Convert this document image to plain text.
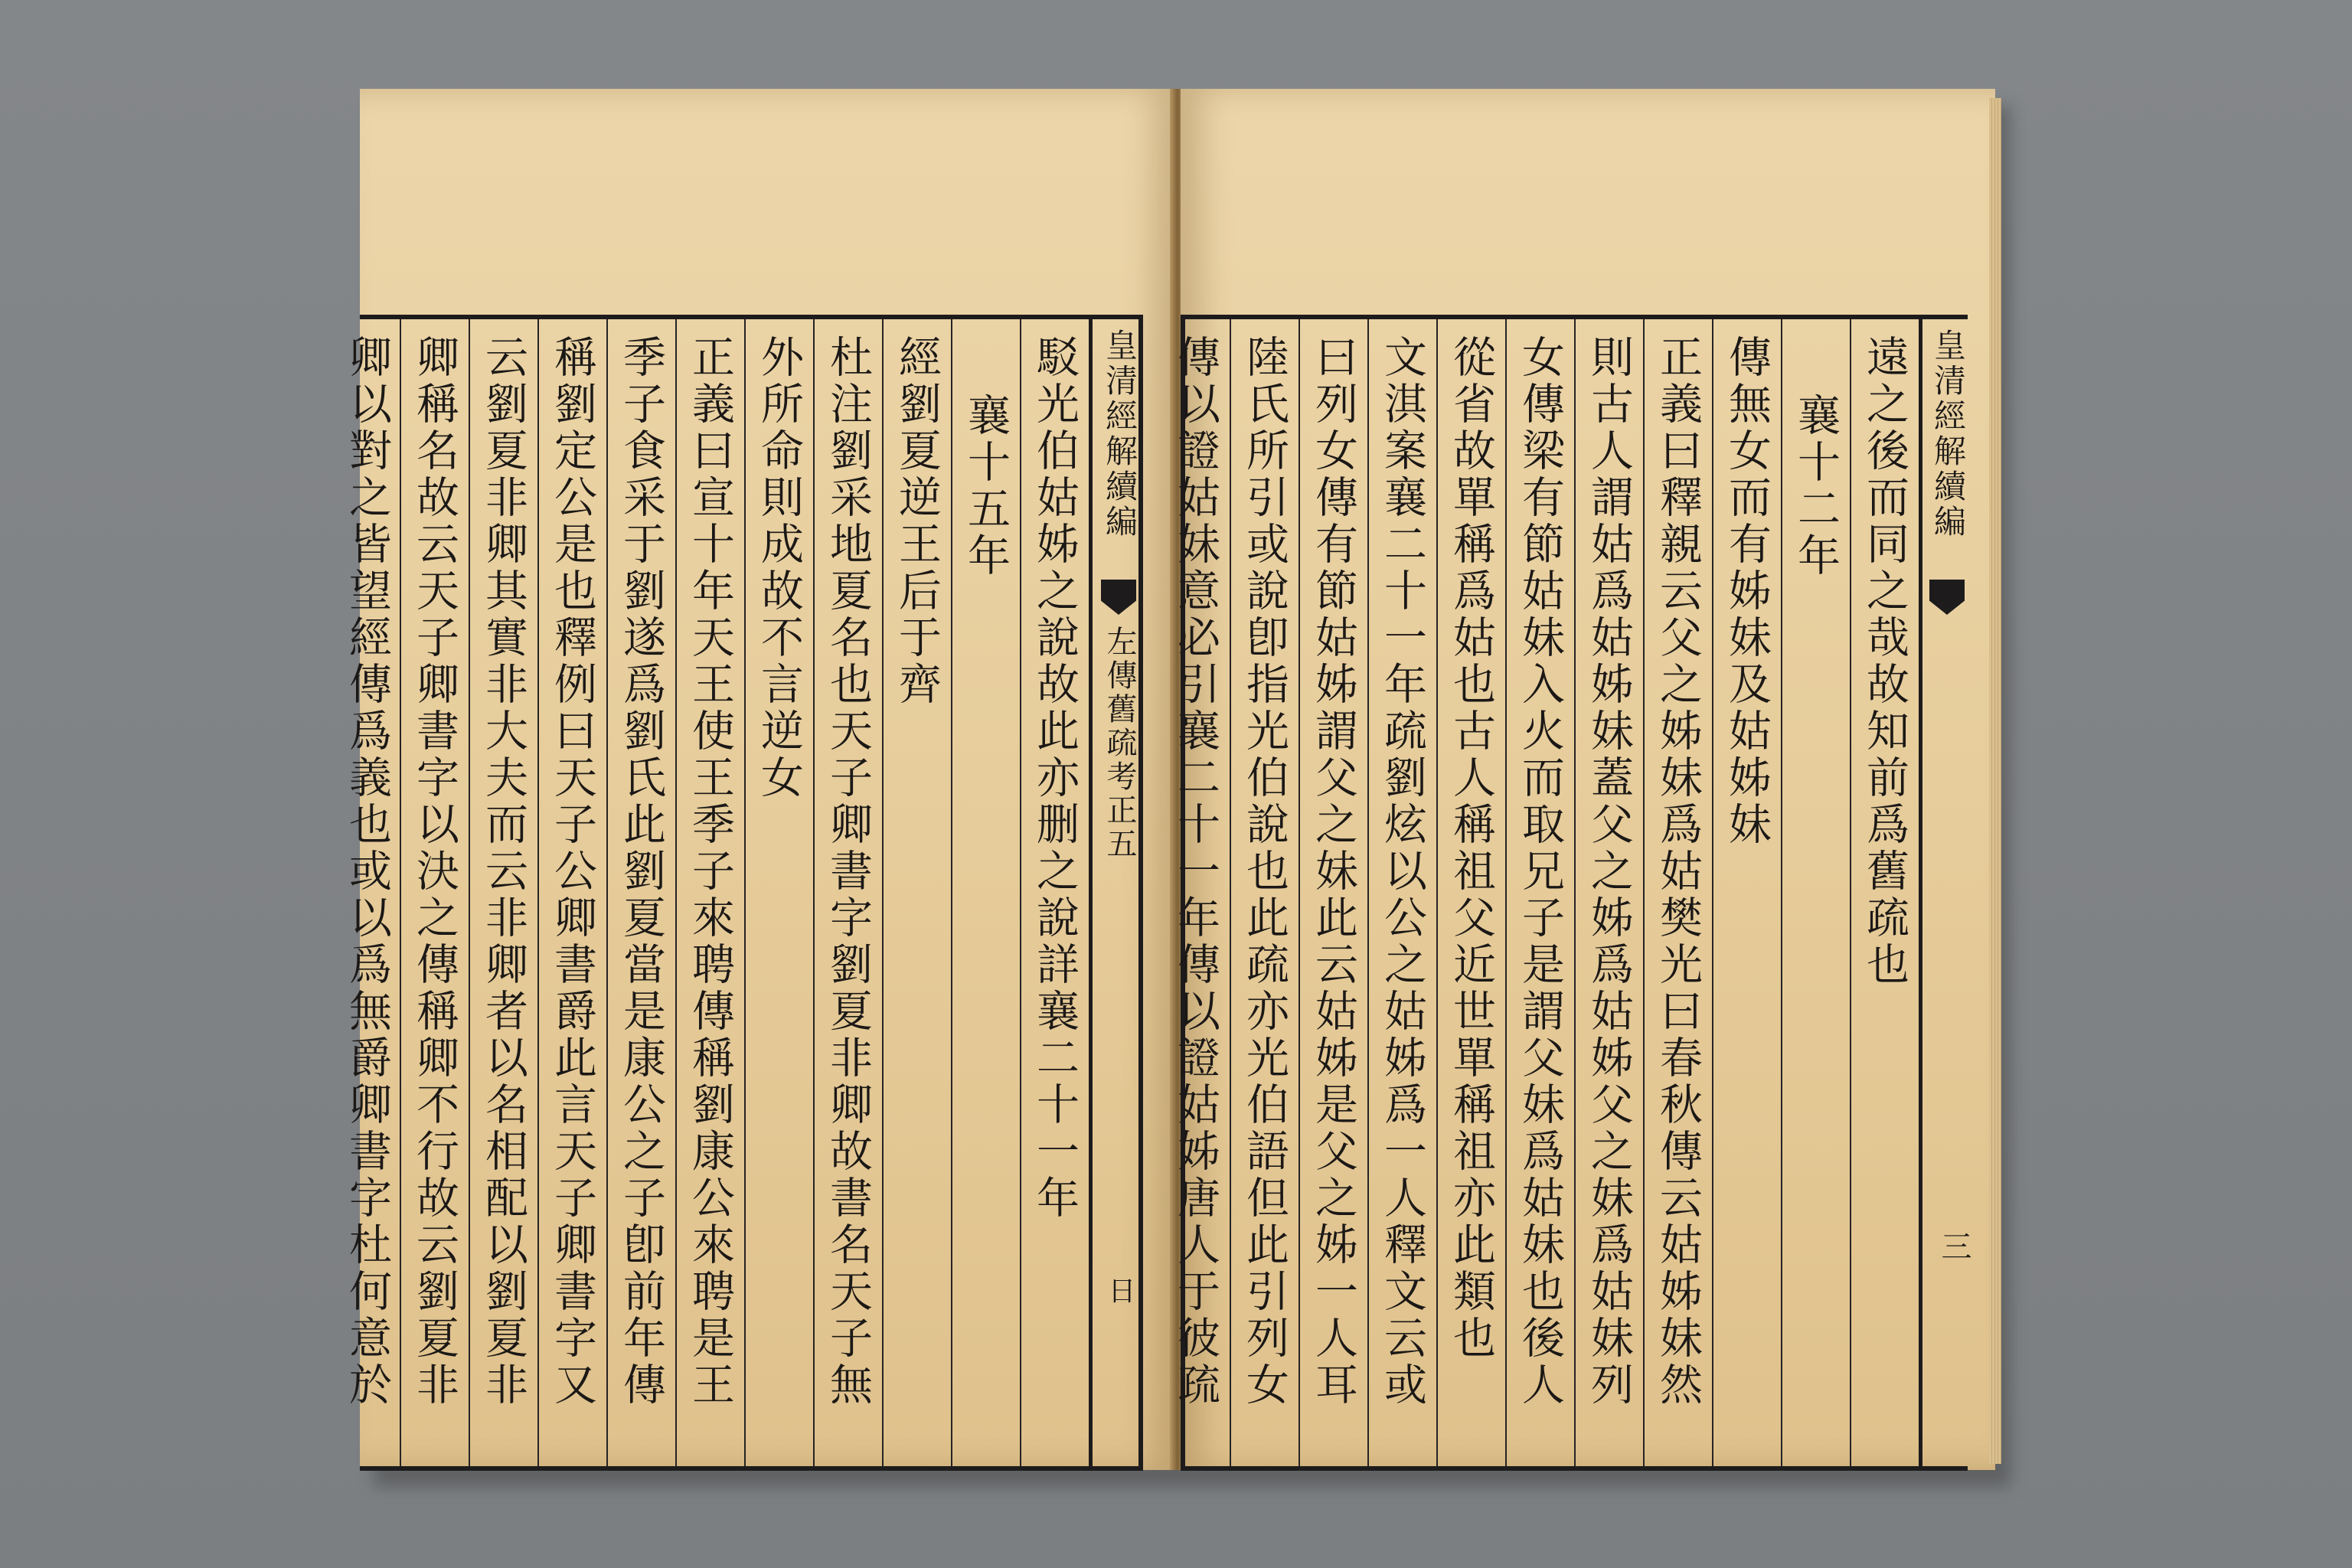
皇清經解續編
左傳舊疏考正五
日
駁光伯姑姊之說故此亦删之說詳襄二十一年
襄十五年
經劉夏逆王后于齊
杜注劉采地夏名也天子卿書字劉夏非卿故書名天子無
外所命則成故不言逆女
正義曰宣十年天王使王季子來聘傳稱劉康公來聘是王
季子食采于劉遂爲劉氏此劉夏當是康公之子卽前年傳
稱劉定公是也釋例曰天子公卿書爵此言天子卿書字又
云劉夏非卿其實非大夫而云非卿者以名相配以劉夏非
卿稱名故云天子卿書字以決之傳稱卿不行故云劉夏非
卿以對之皆望經傳爲義也或以爲無爵卿書字杜何意於	皇清經解續編
三
遠之後而同之哉故知前爲舊疏也
襄十二年
傳無女而有姊妹及姑姊妹
正義曰釋親云父之姊妹爲姑樊光曰春秋傳云姑姊妹然
則古人謂姑爲姑姊妹蓋父之姊爲姑姊父之妹爲姑妹列
女傳梁有節姑妹入火而取兄子是謂父妹爲姑妹也後人
從省故單稱爲姑也古人稱祖父近世單稱祖亦此類也
文淇案襄二十一年疏劉炫以公之姑姊爲一人釋文云或
曰列女傳有節姑姊謂父之妹此云姑姊是父之姊一人耳
陸氏所引或說卽指光伯說也此疏亦光伯語但此引列女
傳以證姑妹意必引襄二十一年傳以證姑姊唐人于彼疏
